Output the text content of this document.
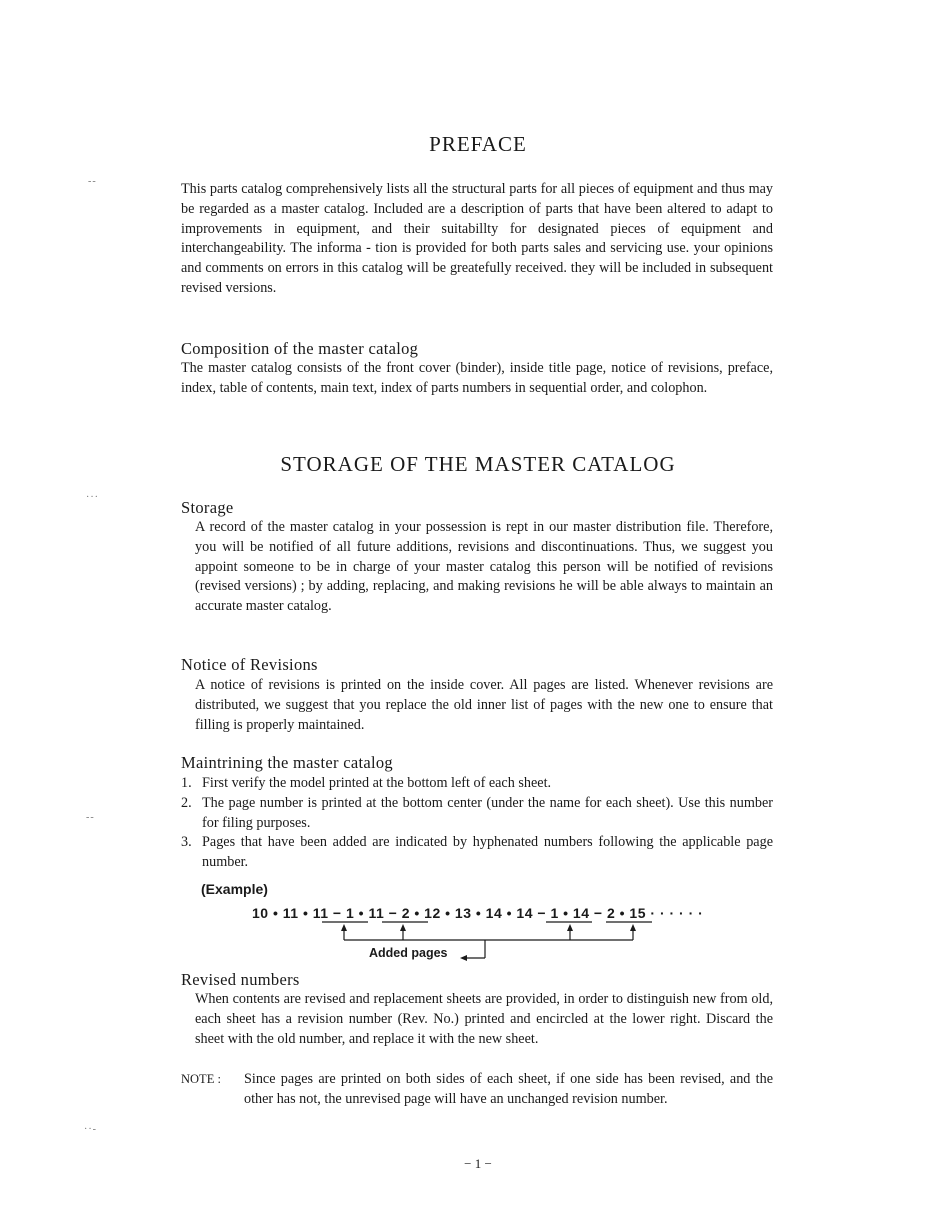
PREFACE

This parts catalog comprehensively lists all the structural parts for all pieces of equipment and thus may be regarded as a master catalog. Included are a description of parts that have been altered to adapt to improvements in equipment, and their suitabillty for designated pieces of equipment and interchangeability. The informa - tion is provided for both parts sales and servicing use. your opinions and comments on errors in this catalog will be greatefully received. they will be included in subsequent revised versions.

Composition of the master catalog

The master catalog consists of the front cover (binder), inside title page, notice of revisions, preface, index, table of contents, main text, index of parts numbers in sequential order, and colophon.

STORAGE OF THE MASTER CATALOG
Storage

A record of the master catalog in your possession is rept in our master distribution file. Therefore, you will be notified of all future additions, revisions and discontinuations. Thus, we suggest you appoint someone to be in charge of your master catalog this person will be notified of revisions (revised versions) ; by adding, replacing, and making revisions he will be able always to maintain an accurate master catalog.

Notice of Revisions

A notice of revisions is printed on the inside cover. All pages are listed. Whenever revisions are distributed, we suggest that you replace the old inner list of pages with the new one to ensure that filling is properly maintained.

Maintrining the master catalog
1. First verify the model printed at the bottom left of each sheet.
2. The page number is printed at the bottom center (under the name for each sheet). Use this number for filing purposes.
3. Pages that have been added are indicated by hyphenated numbers following the applicable page number.
(Example)
10 • 11 • 11 − 1 • 11 − 2 • 12 • 13 • 14 • 14 − 1 • 14 − 2 • 15 · · · · · ·
Added pages
Revised numbers

When contents are revised and replacement sheets are provided, in order to distinguish new from old, each sheet has a revision number (Rev. No.) printed and encircled at the lower right. Discard the sheet with the old number, and replace it with the new sheet.

NOTE : Since pages are printed on both sides of each sheet, if one side has been revised, and the other has not, the unrevised page will have an unchanged revision number.
− 1 −
--
···
--
··-
